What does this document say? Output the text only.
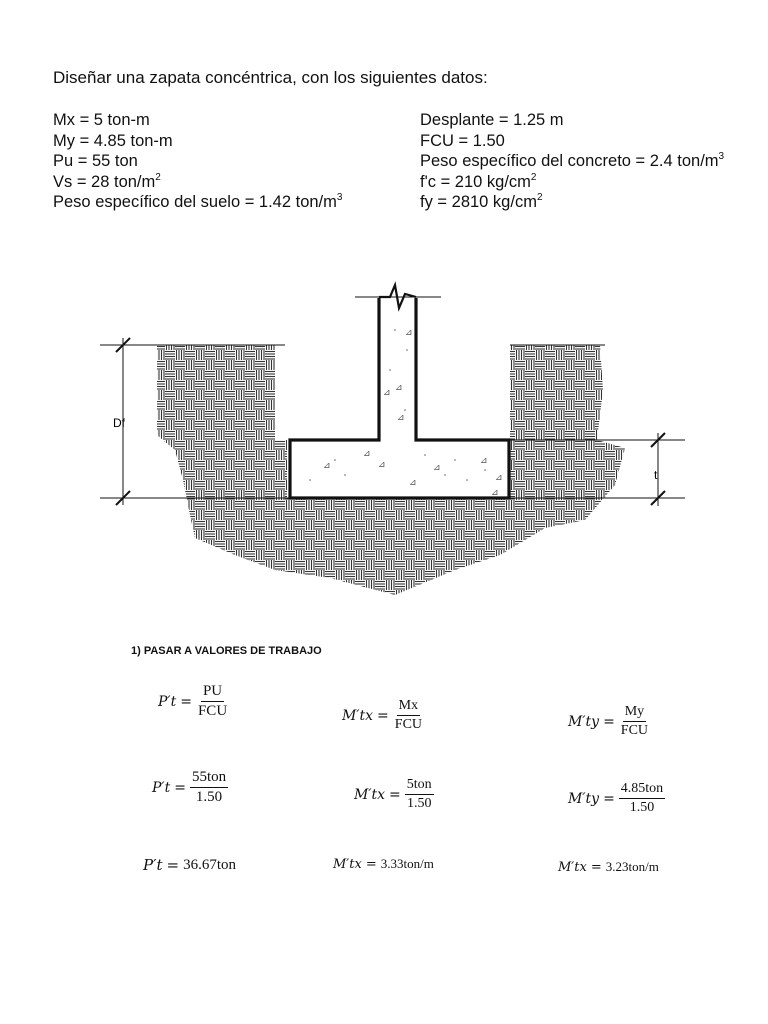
Diseñar una zapata concéntrica, con los siguientes datos:
Mx = 5 ton-m
My = 4.85 ton-m
Pu = 55 ton
Vs = 28 ton/$m^2$
Peso específico del suelo = 1.42 ton/$m^3$
Desplante = 1.25 m
FCU = 1.50
Peso específico del concreto = 2.4 ton/$m^3$
f'c = 210 $kg/cm^2$
fy = 2810 $kg/cm^2$
Df
t
⊿
⊿
⊿
⊿
⊿
⊿
⊿
⊿
⊿
⊿
⊿
⊿
1) PASAR A VALORES DE TRABAJO
$P't = \frac{PU}{\text{FCU}}$	$M'tx = \frac{Mx}{\text{FCU}}$	$M'ty = \frac{My}{\text{FCU}}$
$P't = \frac{\text{55ton}}{1.50}$	$M'tx = \frac{\text{5ton}}{1.50}$	$M'ty = \frac{\text{4.85ton}}{1.50}$
P′t = 36.67ton	M′tx = 3.33ton/m	M′tx = 3.23ton/m
